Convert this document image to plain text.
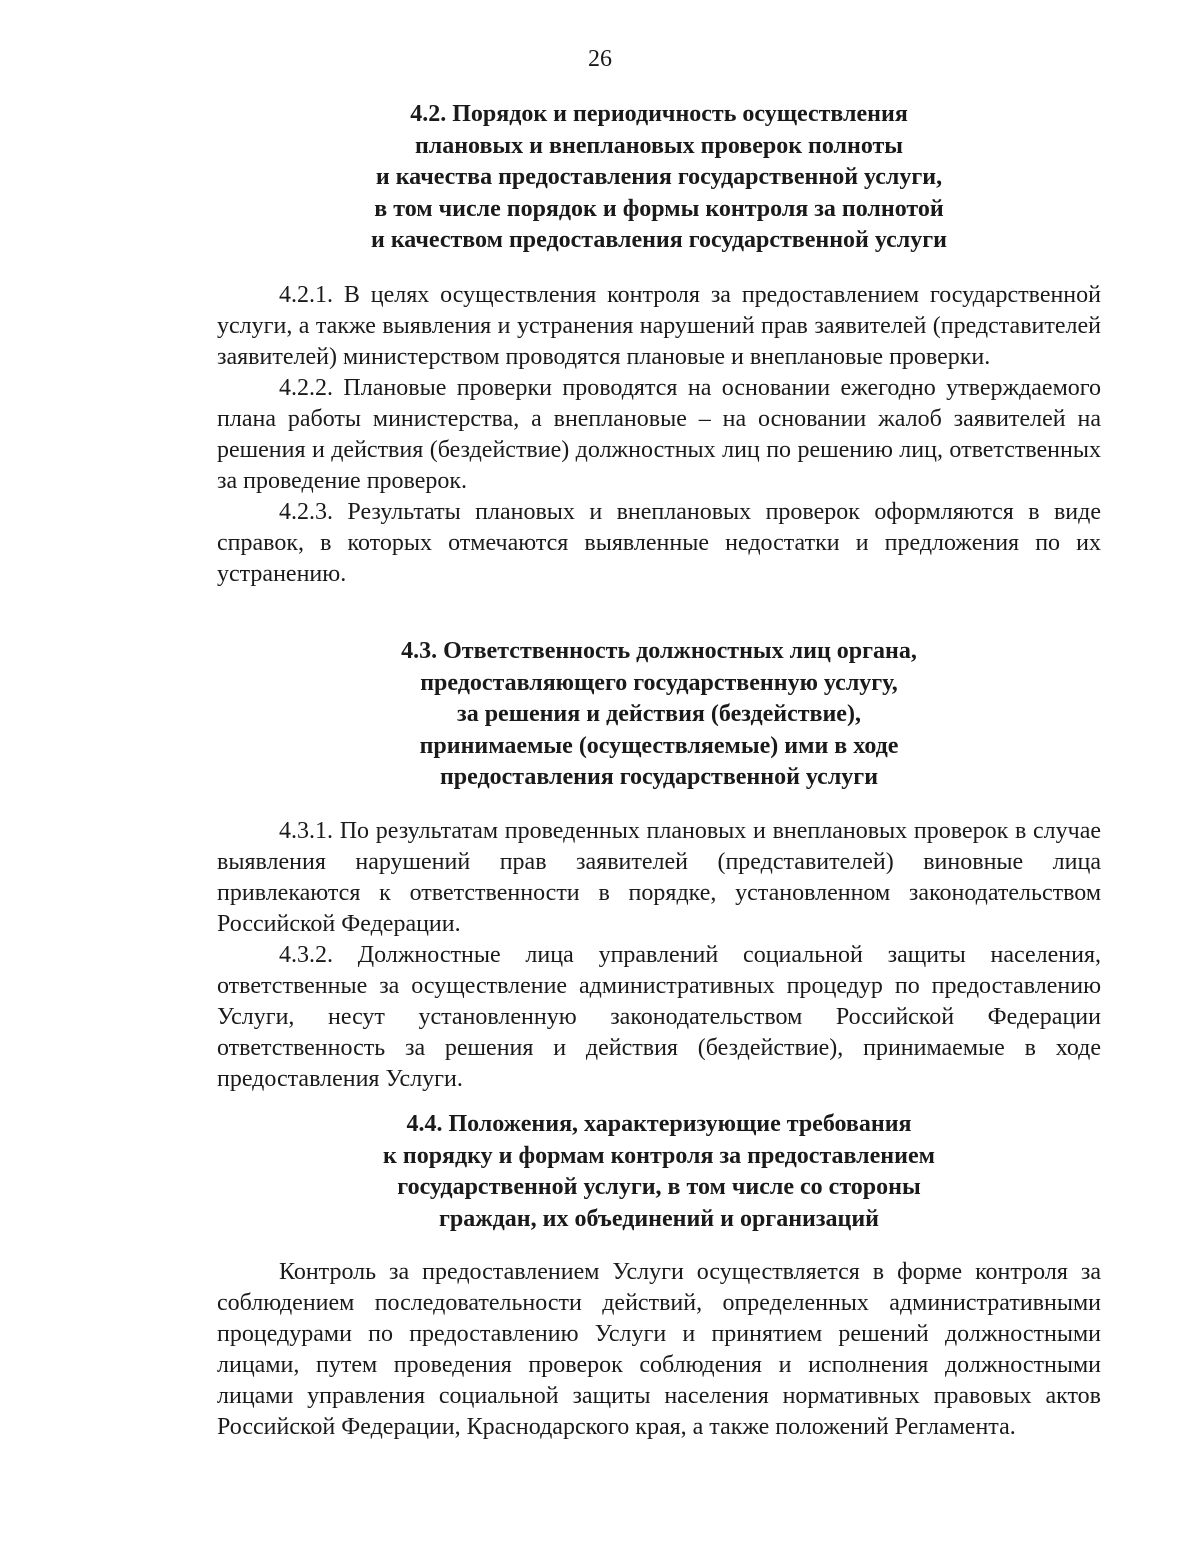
26
4.2. Порядок и периодичность осуществления
плановых и внеплановых проверок полноты
и качества предоставления государственной услуги,
в том числе порядок и формы контроля за полнотой
и качеством предоставления государственной услуги

4.2.1. В целях осуществления контроля за предоставлением государственной услуги, а также выявления и устранения нарушений прав заявителей (представителей заявителей) министерством проводятся плановые и внеплановые проверки.

4.2.2. Плановые проверки проводятся на основании ежегодно утверждаемого плана работы министерства, а внеплановые – на основании жалоб заявителей на решения и действия (бездействие) должностных лиц по решению лиц, ответственных за проведение проверок.

4.2.3. Результаты плановых и внеплановых проверок оформляются в виде справок, в которых отмечаются выявленные недостатки и предложения по их устранению.

4.3. Ответственность должностных лиц органа,
предоставляющего государственную услугу,
за решения и действия (бездействие),
принимаемые (осуществляемые) ими в ходе
предоставления государственной услуги

4.3.1. По результатам проведенных плановых и внеплановых проверок в случае выявления нарушений прав заявителей (представителей) виновные лица привлекаются к ответственности в порядке, установленном законодательством Российской Федерации.

4.3.2. Должностные лица управлений социальной защиты населения, ответственные за осуществление административных процедур по предоставлению Услуги, несут установленную законодательством Российской Федерации ответственность за решения и действия (бездействие), принимаемые в ходе предоставления Услуги.

4.4. Положения, характеризующие требования
к порядку и формам контроля за предоставлением
государственной услуги, в том числе со стороны
граждан, их объединений и организаций

Контроль за предоставлением Услуги осуществляется в форме контроля за соблюдением последовательности действий, определенных административными процедурами по предоставлению Услуги и принятием решений должностными лицами, путем проведения проверок соблюдения и исполнения должностными лицами управления социальной защиты населения нормативных правовых актов Российской Федерации, Краснодарского края, а также положений Регламента.
